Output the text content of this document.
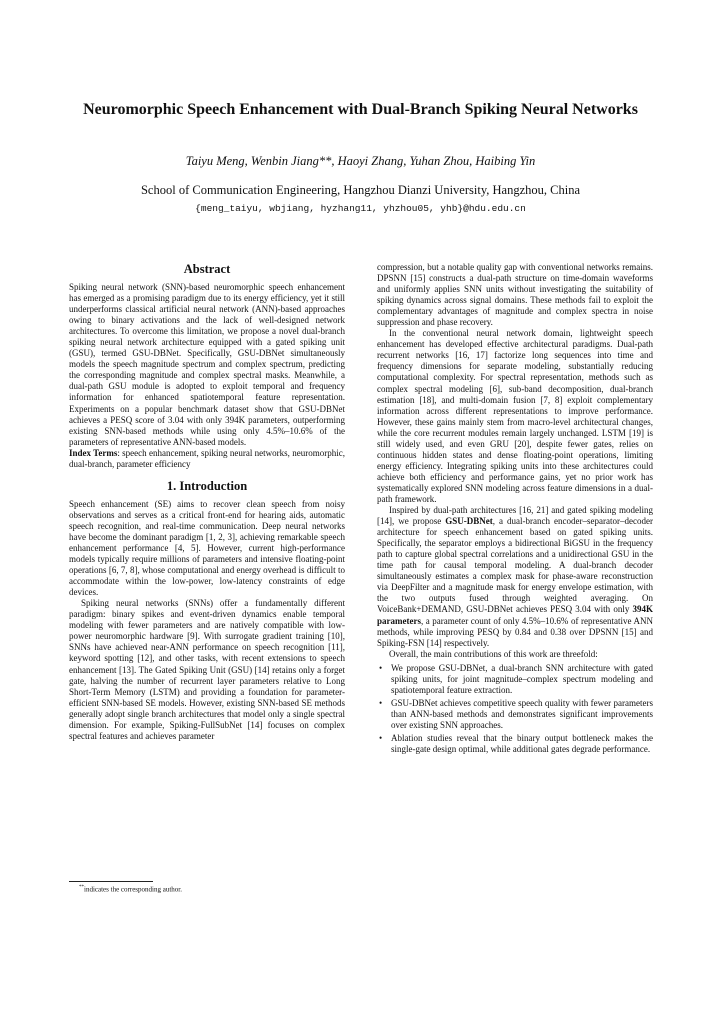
Neuromorphic Speech Enhancement with Dual-Branch Spiking Neural Networks
Taiyu Meng, Wenbin Jiang**, Haoyi Zhang, Yuhan Zhou, Haibing Yin
School of Communication Engineering, Hangzhou Dianzi University, Hangzhou, China
{meng_taiyu, wbjiang, hyzhang11, yhzhou05, yhb}@hdu.edu.cn
Abstract

Spiking neural network (SNN)-based neuromorphic speech enhancement has emerged as a promising paradigm due to its energy efficiency, yet it still underperforms classical artificial neural network (ANN)-based approaches owing to binary activations and the lack of well-designed network architectures. To overcome this limitation, we propose a novel dual-branch spiking neural network architecture equipped with a gated spiking unit (GSU), termed GSU-DBNet. Specifically, GSU-DBNet simultaneously models the speech magnitude spectrum and complex spectrum, predicting the corresponding magnitude and complex spectral masks. Meanwhile, a dual-path GSU module is adopted to exploit temporal and frequency information for enhanced spatiotemporal feature representation. Experiments on a popular benchmark dataset show that GSU-DBNet achieves a PESQ score of 3.04 with only 394K parameters, outperforming existing SNN-based methods while using only 4.5%–10.6% of the parameters of representative ANN-based models.

Index Terms: speech enhancement, spiking neural networks, neuromorphic, dual-branch, parameter efficiency

1. Introduction

Speech enhancement (SE) aims to recover clean speech from noisy observations and serves as a critical front-end for hearing aids, automatic speech recognition, and real-time communication. Deep neural networks have become the dominant paradigm [1, 2, 3], achieving remarkable speech enhancement performance [4, 5]. However, current high-performance models typically require millions of parameters and intensive floating-point operations [6, 7, 8], whose computational and energy overhead is difficult to accommodate within the low-power, low-latency constraints of edge devices.

Spiking neural networks (SNNs) offer a fundamentally different paradigm: binary spikes and event-driven dynamics enable temporal modeling with fewer parameters and are natively compatible with low-power neuromorphic hardware [9]. With surrogate gradient training [10], SNNs have achieved near-ANN performance on speech recognition [11], keyword spotting [12], and other tasks, with recent extensions to speech enhancement [13]. The Gated Spiking Unit (GSU) [14] retains only a forget gate, halving the number of recurrent layer parameters relative to Long Short-Term Memory (LSTM) and providing a foundation for parameter-efficient SNN-based SE models. However, existing SNN-based SE methods generally adopt single branch architectures that model only a single spectral dimension. For example, Spiking-FullSubNet [14] focuses on complex spectral features and achieves parameter

compression, but a notable quality gap with conventional networks remains. DPSNN [15] constructs a dual-path structure on time-domain waveforms and uniformly applies SNN units without investigating the suitability of spiking dynamics across signal domains. These methods fail to exploit the complementary advantages of magnitude and complex spectra in noise suppression and phase recovery.

In the conventional neural network domain, lightweight speech enhancement has developed effective architectural paradigms. Dual-path recurrent networks [16, 17] factorize long sequences into time and frequency dimensions for separate modeling, substantially reducing computational complexity. For spectral representation, methods such as complex spectral modeling [6], sub-band decomposition, dual-branch estimation [18], and multi-domain fusion [7, 8] exploit complementary information across different representations to improve performance. However, these gains mainly stem from macro-level architectural changes, while the core recurrent modules remain largely unchanged. LSTM [19] is still widely used, and even GRU [20], despite fewer gates, relies on continuous hidden states and dense floating-point operations, limiting energy efficiency. Integrating spiking units into these architectures could achieve both efficiency and performance gains, yet no prior work has systematically explored SNN modeling across feature dimensions in a dual-path framework.

Inspired by dual-path architectures [16, 21] and gated spiking modeling [14], we propose GSU-DBNet, a dual-branch encoder–separator–decoder architecture for speech enhancement based on gated spiking units. Specifically, the separator employs a bidirectional BiGSU in the frequency path to capture global spectral correlations and a unidirectional GSU in the time path for causal temporal modeling. A dual-branch decoder simultaneously estimates a complex mask for phase-aware reconstruction via DeepFilter and a magnitude mask for energy envelope estimation, with the two outputs fused through weighted averaging. On VoiceBank+DEMAND, GSU-DBNet achieves PESQ 3.04 with only 394K parameters, a parameter count of only 4.5%–10.6% of representative ANN methods, while improving PESQ by 0.84 and 0.38 over DPSNN [15] and Spiking-FSN [14] respectively.

Overall, the main contributions of this work are threefold:

• We propose GSU-DBNet, a dual-branch SNN architecture with gated spiking units, for joint magnitude–complex spectrum modeling and spatiotemporal feature extraction.
• GSU-DBNet achieves competitive speech quality with fewer parameters than ANN-based methods and demonstrates significant improvements over existing SNN approaches.
• Ablation studies reveal that the binary output bottleneck makes the single-gate design optimal, while additional gates degrade performance.
**indicates the corresponding author.
